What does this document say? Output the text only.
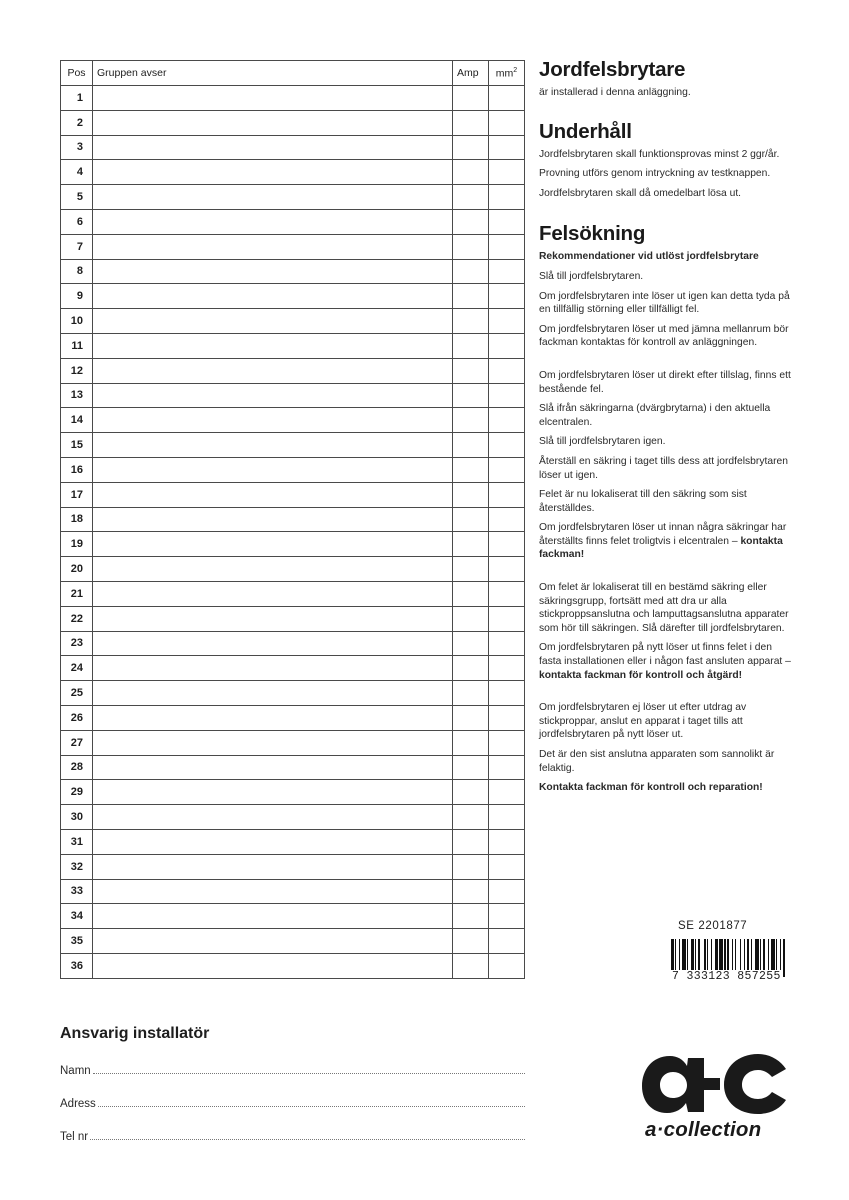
Pos	Gruppen avser	Amp	$mm^2$
1			
2			
3			
4			
5			
6			
7			
8			
9			
10			
11			
12			
13			
14			
15			
16			
17			
18			
19			
20			
21			
22			
23			
24			
25			
26			
27			
28			
29			
30			
31			
32			
33			
34			
35			
36			
Jordfelsbrytare

är installerad i denna anläggning.

Underhåll

Jordfelsbrytaren skall funktionsprovas minst 2 ggr/år.

Provning utförs genom intryckning av testknappen.

Jordfelsbrytaren skall då omedelbart lösa ut.

Felsökning

Rekommendationer vid utlöst jordfelsbrytare

Slå till jordfelsbrytaren.

Om jordfelsbrytaren inte löser ut igen kan detta tyda på en tillfällig störning eller tillfälligt fel.

Om jordfelsbrytaren löser ut med jämna mellanrum bör fackman kontaktas för kontroll av anläggningen.

Om jordfelsbrytaren löser ut direkt efter tillslag, finns ett bestående fel.

Slå ifrån säkringarna (dvärgbrytarna) i den aktuella elcentralen.

Slå till jordfelsbrytaren igen.

Återställ en säkring i taget tills dess att jordfelsbrytaren löser ut igen.

Felet är nu lokaliserat till den säkring som sist återställdes.

Om jordfelsbrytaren löser ut innan några säkringar har återställts finns felet troligtvis i elcentralen – kontakta fackman!

Om felet är lokaliserat till en bestämd säkring eller säkringsgrupp, fortsätt med att dra ur alla stickproppsanslutna och lamputtagsanslutna apparater som hör till säkringen. Slå därefter till jordfelsbrytaren.

Om jordfelsbrytaren på nytt löser ut finns felet i den fasta installationen eller i någon fast ansluten apparat – kontakta fackman för kontroll och åtgärd!

Om jordfelsbrytaren ej löser ut efter utdrag av stickproppar, anslut en apparat i taget tills att jordfelsbrytaren på nytt löser ut.

Det är den sist anslutna apparaten som sannolikt är felaktig.

Kontakta fackman för kontroll och reparation!

SE 2201877
7 333123 857255
Ansvarig installatör
Namn
Adress
Tel nr	a·collection
